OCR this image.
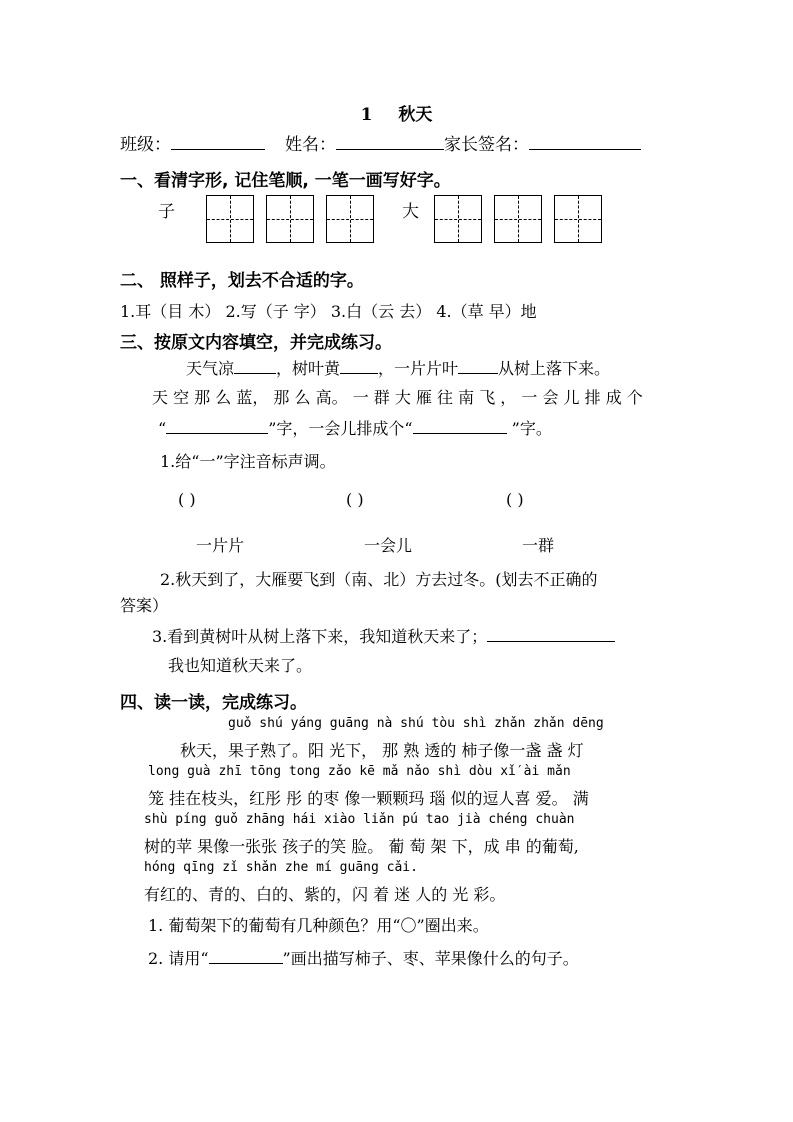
1 秋天
班级：	姓名：	家长签名：
一、看清字形, 记住笔顺, 一笔一画写好字。
子	大
二、 照样子，划去不合适的字。
1.耳（目 木） 2.写（子 字） 3.白（云 去） 4.（草 早）地
三、按原文内容填空，并完成练习。
天气凉	，树叶黄 ，一片片叶	从树上落下来。
天 空 那 么 蓝， 那 么 高。 一 群 大 雁 往 南 飞 ， 一 会 儿 排 成 个
“	”字，一会儿排成个“	”字。
1.给“一”字注音标声调。
( )	( )	( )
一片片	一会儿	一群
2.秋天到了，大雁要飞到（南、北）方去过冬。(划去不正确的
答案）
3.看到黄树叶从树上落下来，我知道秋天来了；
我也知道秋天来了。
四、读一读，完成练习。
guǒ shú yáng guāng nà shú tòu shì zhǎn zhǎn dēng
秋天，果子熟了。阳 光下， 那 熟 透的 柿子像一盏 盏 灯
long guà zhī tōng tong zǎo kē mǎ nǎo shì dòu xǐ′ài mǎn
笼 挂在枝头，红彤 彤 的枣 像一颗颗玛 瑙 似的逗人喜 爱。 满
shù píng guǒ zhāng hái xiào liǎn pú tao jià chéng chuàn
树的苹 果像一张张 孩子的笑 脸。 葡 萄 架 下，成 串 的葡萄,
hóng qīng zǐ shǎn zhe mí guāng cǎi.
有红的、青的、白的、紫的，闪 着 迷 人的 光 彩。
1. 葡萄架下的葡萄有几种颜色？用“〇”圈出来。
2. 请用“	”画出描写柿子、枣、苹果像什么的句子。
